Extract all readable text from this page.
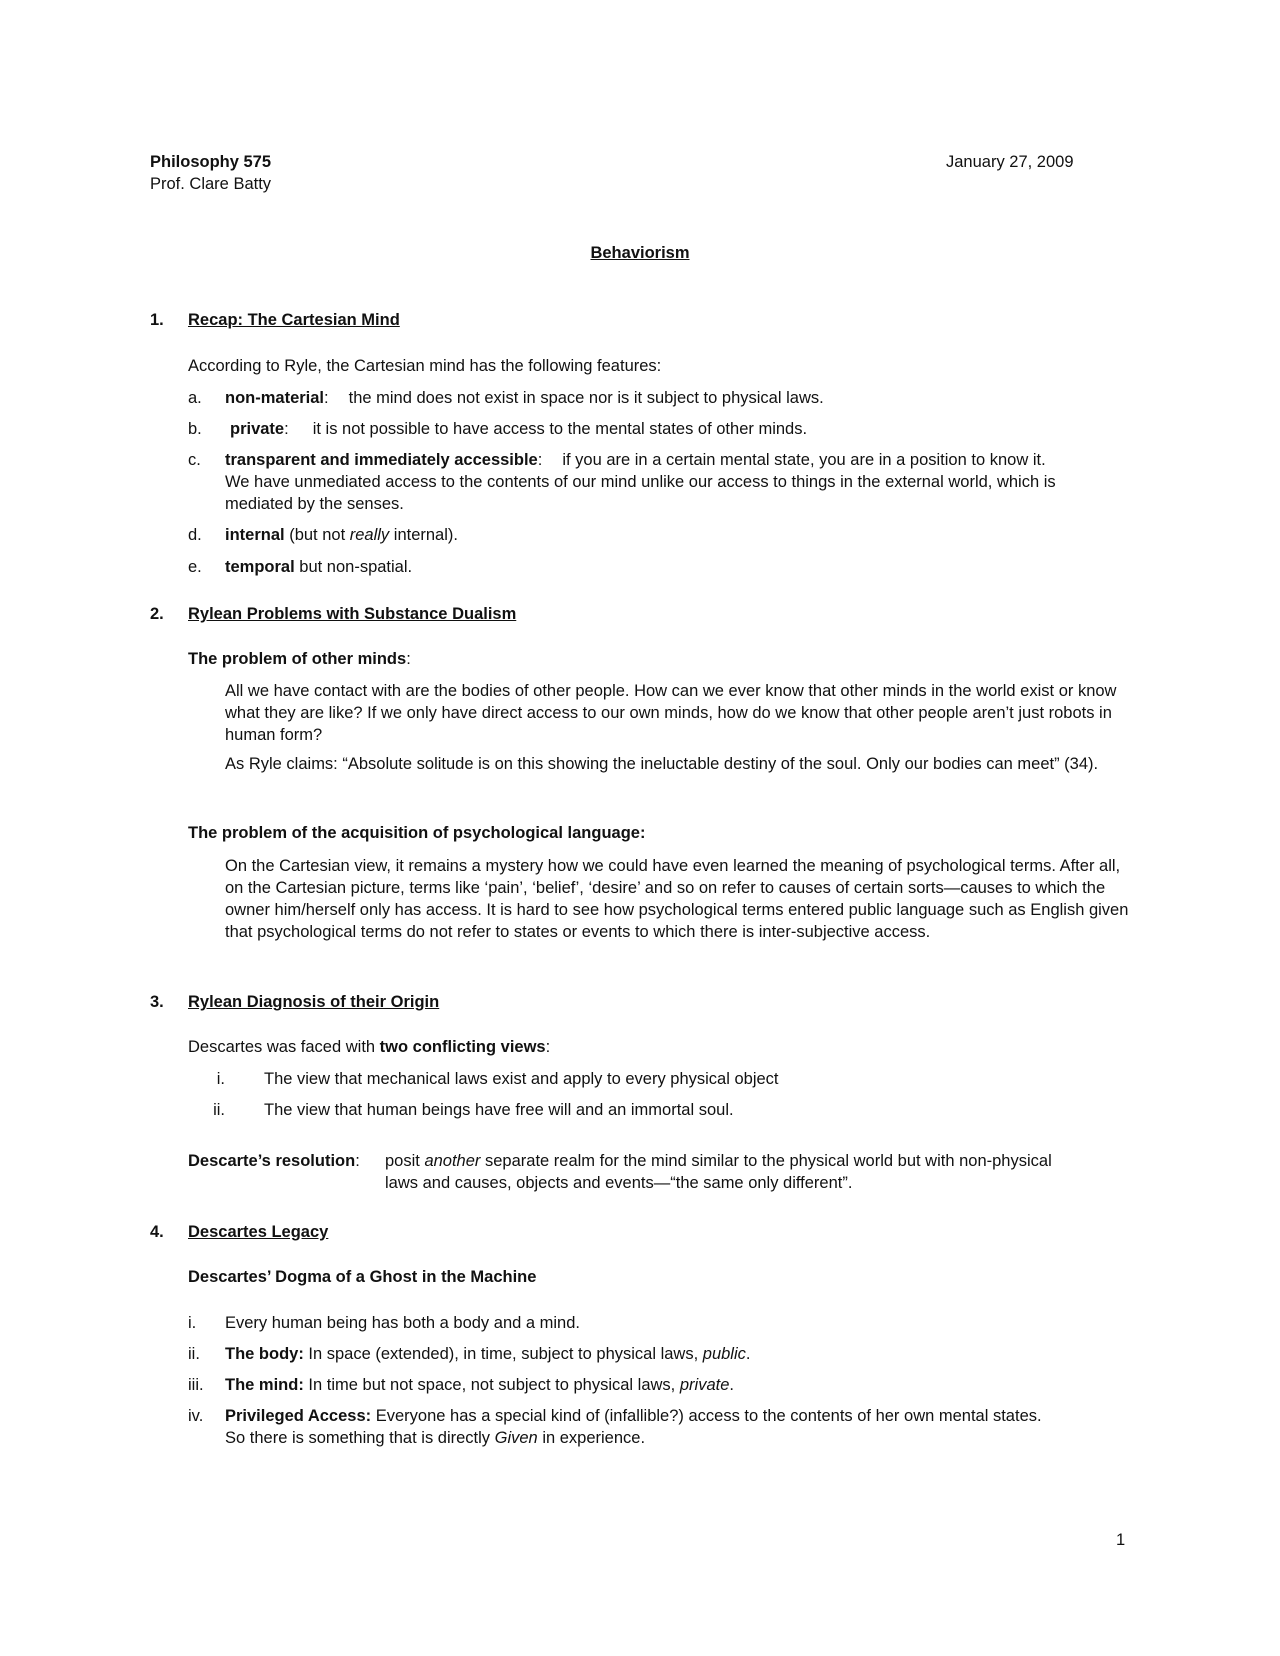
Philosophy 575
Prof. Clare Batty
January 27, 2009
Behaviorism
1. Recap: The Cartesian Mind
According to Ryle, the Cartesian mind has the following features:
a. non-material: the mind does not exist in space nor is it subject to physical laws.
b. private: it is not possible to have access to the mental states of other minds.
c. transparent and immediately accessible: if you are in a certain mental state, you are in a position to know it.
We have unmediated access to the contents of our mind unlike our access to things in the external world, which is mediated by the senses.
d. internal (but not really internal).
e. temporal but non-spatial.
2. Rylean Problems with Substance Dualism
The problem of other minds:
All we have contact with are the bodies of other people. How can we ever know that other minds in the world exist or know what they are like? If we only have direct access to our own minds, how do we know that other people aren’t just robots in human form?
As Ryle claims: “Absolute solitude is on this showing the ineluctable destiny of the soul. Only our bodies can meet” (34).
The problem of the acquisition of psychological language:
On the Cartesian view, it remains a mystery how we could have even learned the meaning of psychological terms. After all, on the Cartesian picture, terms like ‘pain’, ‘belief’, ‘desire’ and so on refer to causes of certain sorts—causes to which the owner him/herself only has access. It is hard to see how psychological terms entered public language such as English given that psychological terms do not refer to states or events to which there is inter-subjective access.
3. Rylean Diagnosis of their Origin
Descartes was faced with two conflicting views:
i. The view that mechanical laws exist and apply to every physical object
ii. The view that human beings have free will and an immortal soul.
Descarte’s resolution: posit another separate realm for the mind similar to the physical world but with non-physical laws and causes, objects and events—“the same only different”.
4. Descartes Legacy
Descartes’ Dogma of a Ghost in the Machine
i. Every human being has both a body and a mind.
ii. The body: In space (extended), in time, subject to physical laws, public.
iii. The mind: In time but not space, not subject to physical laws, private.
iv. Privileged Access: Everyone has a special kind of (infallible?) access to the contents of her own mental states.
So there is something that is directly Given in experience.
1
